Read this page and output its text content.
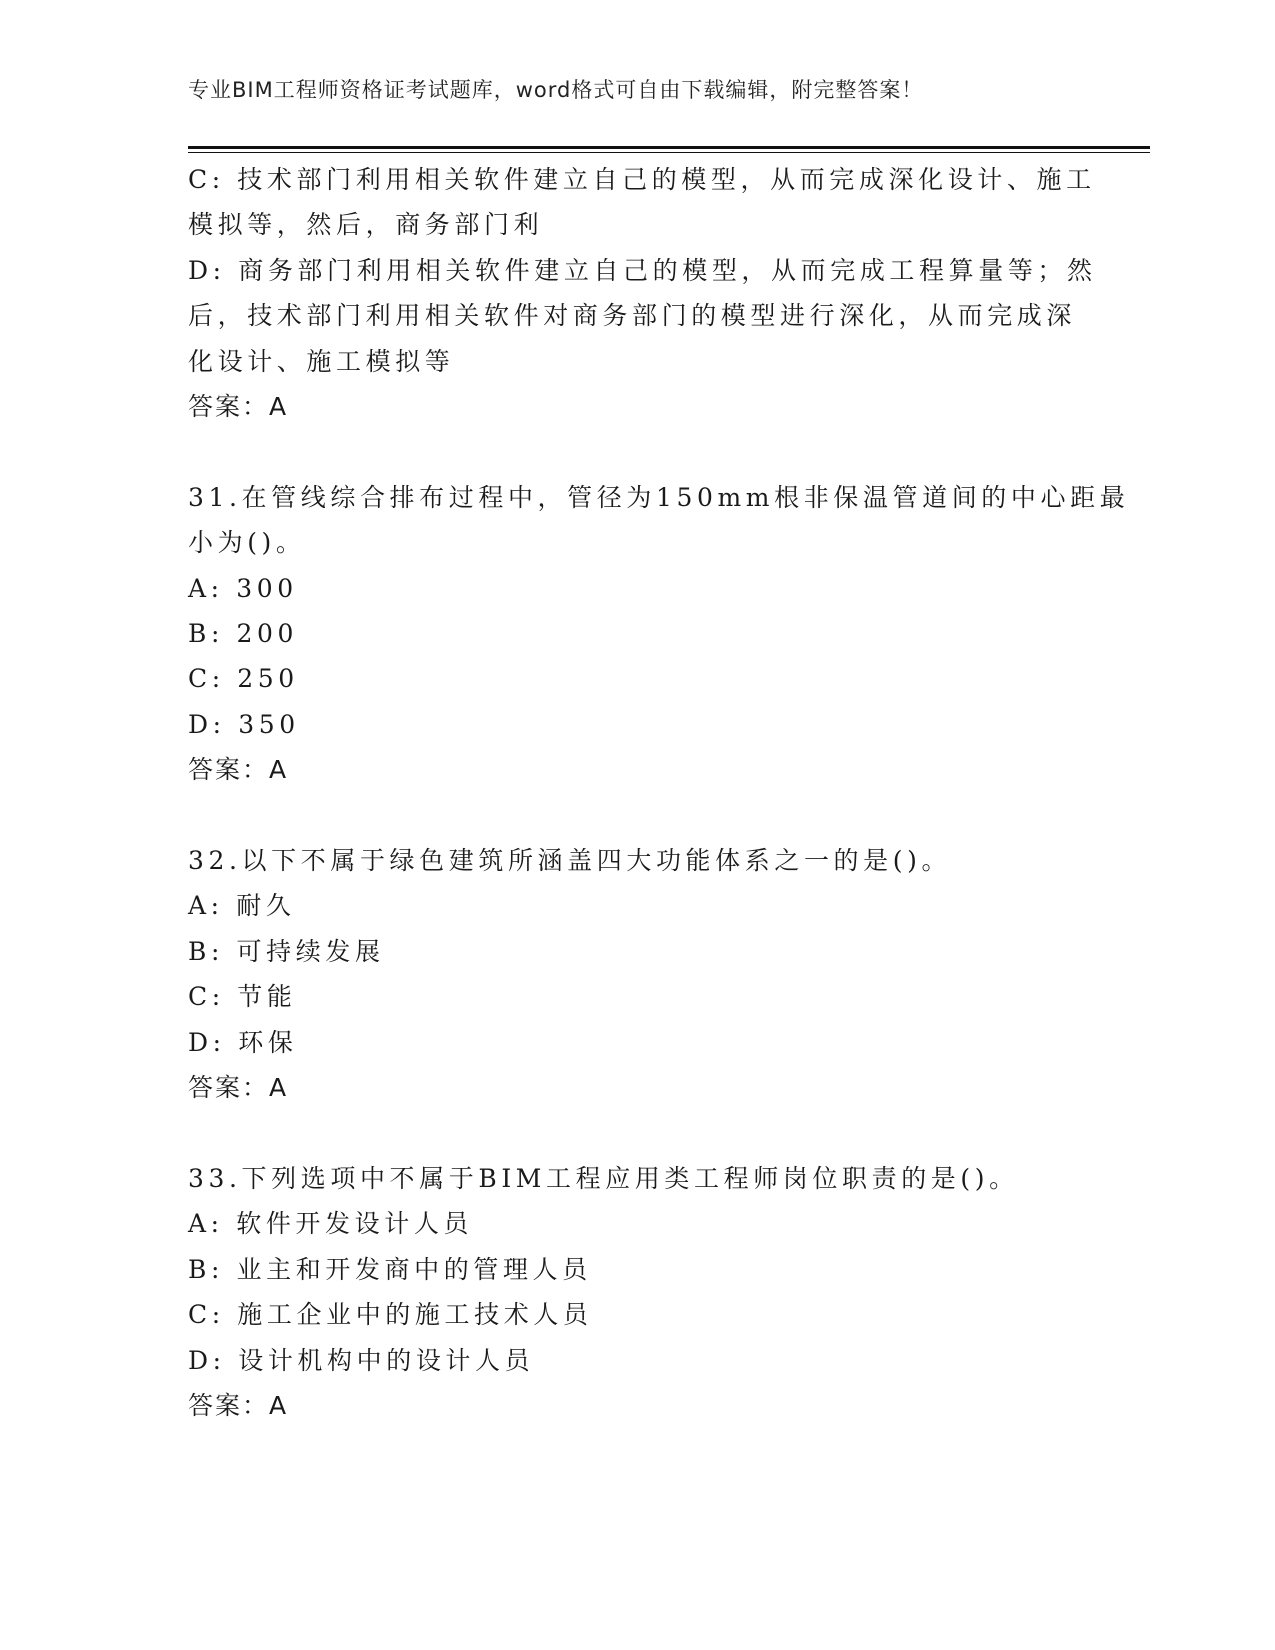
专业BIM工程师资格证考试题库，word格式可自由下载编辑，附完整答案！
C: 技术部门利用相关软件建立自己的模型，从而完成深化设计、施工
模拟等，然后，商务部门利
D: 商务部门利用相关软件建立自己的模型，从而完成工程算量等；然
后，技术部门利用相关软件对商务部门的模型进行深化，从而完成深
化设计、施工模拟等
答案：A
31.在管线综合排布过程中，管径为150mm根非保温管道间的中心距最
小为()。
A: 300
B: 200
C: 250
D: 350
答案：A
32.以下不属于绿色建筑所涵盖四大功能体系之一的是()。
A: 耐久
B: 可持续发展
C: 节能
D: 环保
答案：A
33.下列选项中不属于BIM工程应用类工程师岗位职责的是()。
A: 软件开发设计人员
B: 业主和开发商中的管理人员
C: 施工企业中的施工技术人员
D: 设计机构中的设计人员
答案：A
